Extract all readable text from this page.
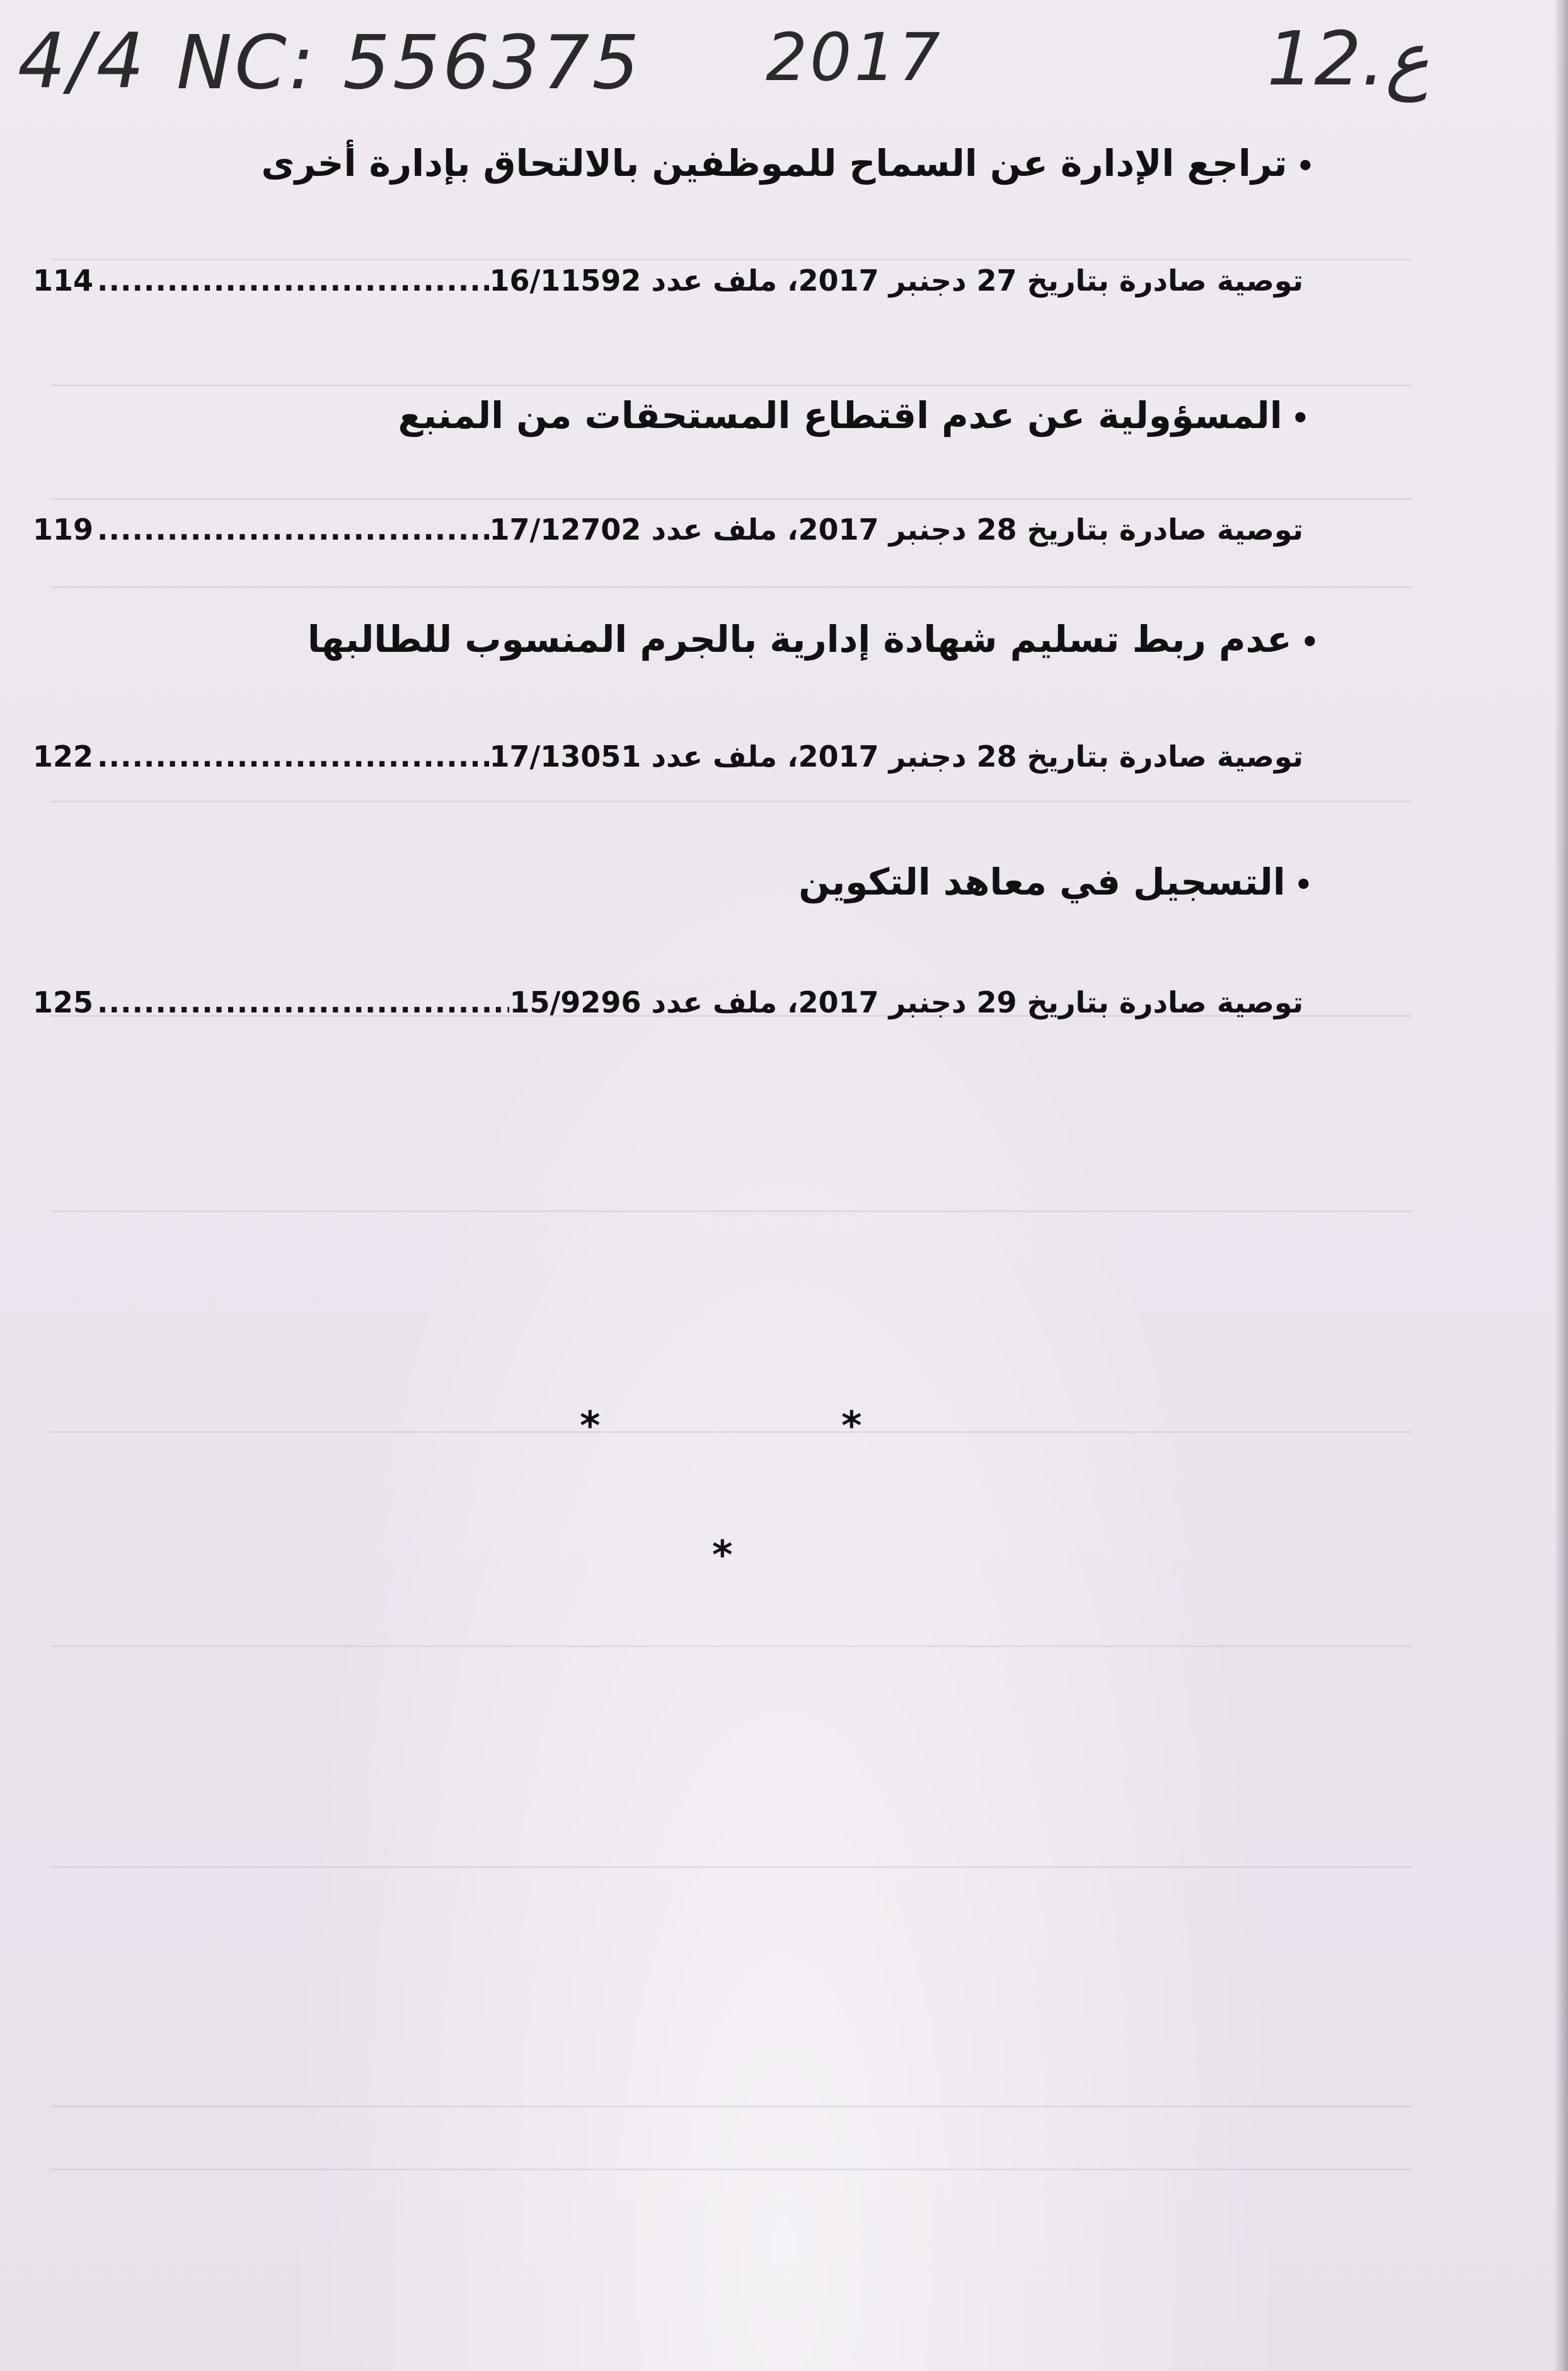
4/4 NC: 556375 2017	12.ع
•تراجع الإدارة عن السماح للموظفين بالالتحاق بإدارة أخرى
114 .....	توصية صادرة بتاريخ 27 دجنبر 2017، ملف عدد 16/11592
•المسؤولية عن عدم اقتطاع المستحقات من المنبع
119 .....	توصية صادرة بتاريخ 28 دجنبر 2017، ملف عدد 17/12702
•عدم ربط تسليم شهادة إدارية بالجرم المنسوب للطالبها
122 .....	توصية صادرة بتاريخ 28 دجنبر 2017، ملف عدد 17/13051
•التسجيل في معاهد التكوين
125 .....	توصية صادرة بتاريخ 29 دجنبر 2017، ملف عدد 15/9296
*	*
*
